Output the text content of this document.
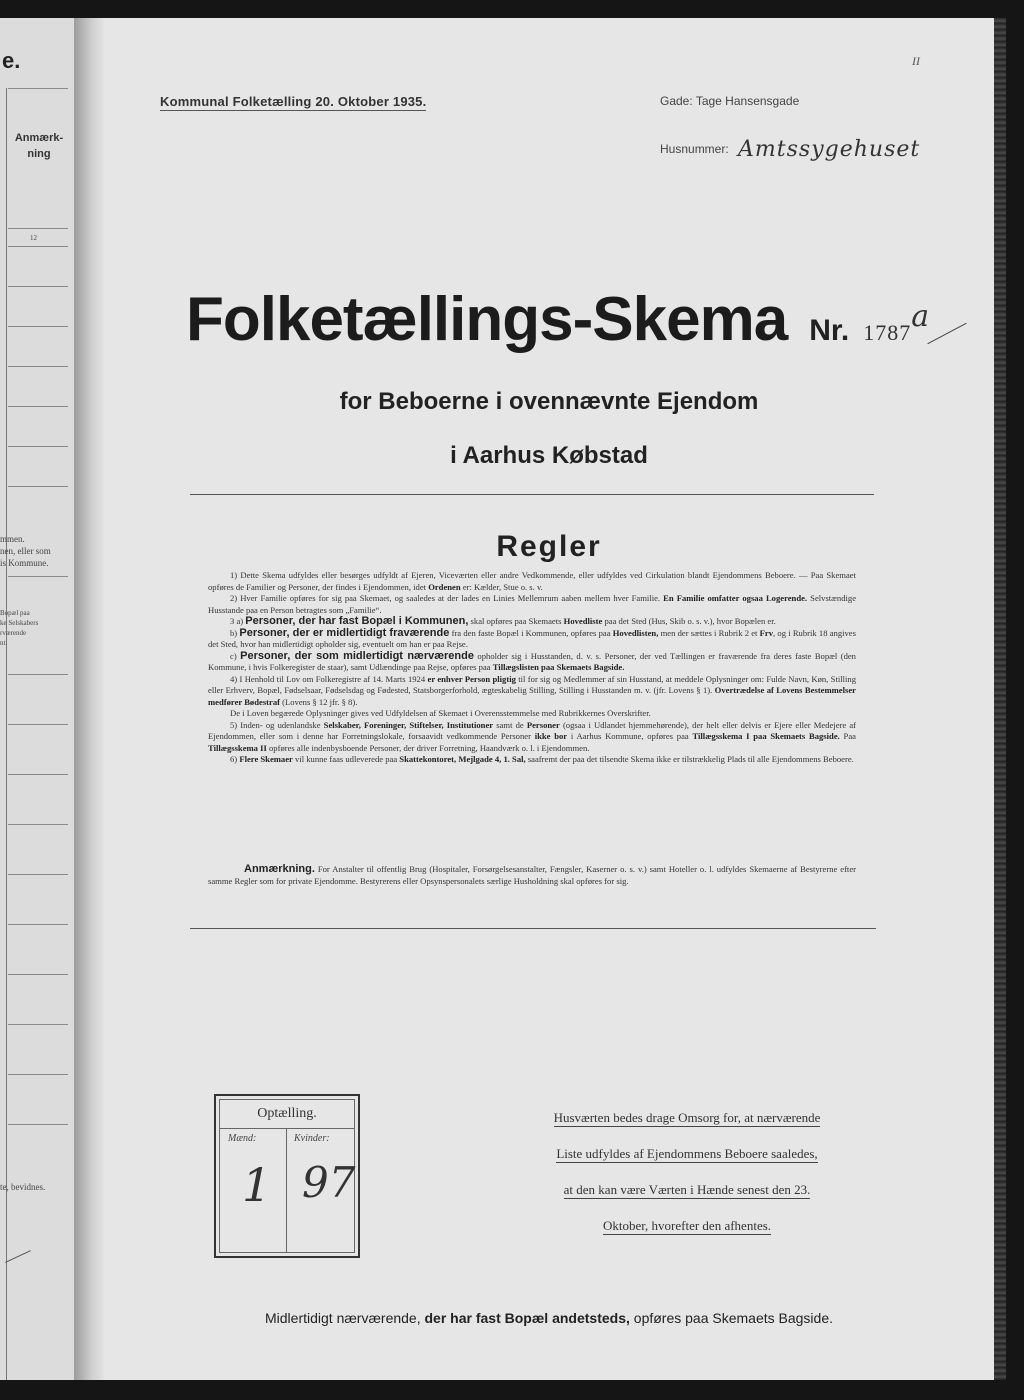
e.
Anmærk-
ning
12
mmen.
nen, eller som
is Kommune.
Bopæl paa
ke Selskabers
rværende
nt.
te, bevidnes.
II
Kommunal Folketælling 20. Oktober 1935.	Gade: Tage Hansensgade
Husnummer: Amtssygehuset
Folketællings-Skema Nr. 1787a
for Beboerne i ovennævnte Ejendom
i Aarhus Købstad
Regler

1) Dette Skema udfyldes eller besørges udfyldt af Ejeren, Viceværten eller andre Vedkommende, eller udfyldes ved Cirkulation blandt Ejendommens Beboere. — Paa Skemaet opføres de Familier og Personer, der findes i Ejendommen, idet Ordenen er: Kælder, Stue o. s. v.

2) Hver Familie opføres for sig paa Skemaet, og saaledes at der lades en Linies Mellemrum aaben mellem hver Familie. En Familie omfatter ogsaa Logerende. Selvstændige Husstande paa en Person betragtes som „Familie“.

3 a) Personer, der har fast Bopæl i Kommunen, skal opføres paa Skemaets Hovedliste paa det Sted (Hus, Skib o. s. v.), hvor Bopælen er.

b) Personer, der er midlertidigt fraværende fra den faste Bopæl i Kommunen, opføres paa Hovedlisten, men der sættes i Rubrik 2 et Frv, og i Rubrik 18 angives det Sted, hvor han midlertidigt opholder sig, eventuelt om han er paa Rejse.

c) Personer, der som midlertidigt nærværende opholder sig i Husstanden, d. v. s. Personer, der ved Tællingen er fraværende fra deres faste Bopæl (den Kommune, i hvis Folkeregister de staar), samt Udlændinge paa Rejse, opføres paa Tillægslisten paa Skemaets Bagside.

4) I Henhold til Lov om Folkeregistre af 14. Marts 1924 er enhver Person pligtig til for sig og Medlemmer af sin Husstand, at meddele Oplysninger om: Fulde Navn, Køn, Stilling eller Erhverv, Bopæl, Fødselsaar, Fødselsdag og Fødested, Statsborgerforhold, ægteskabelig Stilling, Stilling i Husstanden m. v. (jfr. Lovens § 1). Overtrædelse af Lovens Bestemmelser medfører Bødestraf (Lovens § 12 jfr. § 8).

De i Loven begærede Oplysninger gives ved Udfyldelsen af Skemaet i Overensstemmelse med Rubrikkernes Overskrifter.

5) Inden- og udenlandske Selskaber, Foreninger, Stiftelser, Institutioner samt de Personer (ogsaa i Udlandet hjemmehørende), der helt eller delvis er Ejere eller Medejere af Ejendommen, eller som i denne har Forretningslokale, forsaavidt vedkommende Personer ikke bor i Aarhus Kommune, opføres paa Tillægsskema I paa Skemaets Bagside. Paa Tillægsskema II opføres alle indenbysboende Personer, der driver Forretning, Haandværk o. l. i Ejendommen.

6) Flere Skemaer vil kunne faas udleverede paa Skattekontoret, Mejlgade 4, 1. Sal, saafremt der paa det tilsendte Skema ikke er tilstrækkelig Plads til alle Ejendommens Beboere.

Anmærkning. For Anstalter til offentlig Brug (Hospitaler, Forsørgelsesanstalter, Fængsler, Kaserner o. s. v.) samt Hoteller o. l. udfyldes Skemaerne af Bestyrerne efter samme Regler som for private Ejendomme. Bestyrerens eller Opsynspersonalets særlige Husholdning skal opføres for sig.
Optælling.
Mænd:	Kvinder:
1 97
Husværten bedes drage Omsorg for, at nærværende
Liste udfyldes af Ejendommens Beboere saaledes,
at den kan være Værten i Hænde senest den 23.
Oktober, hvorefter den afhentes.
Midlertidigt nærværende, der har fast Bopæl andetsteds, opføres paa Skemaets Bagside.
